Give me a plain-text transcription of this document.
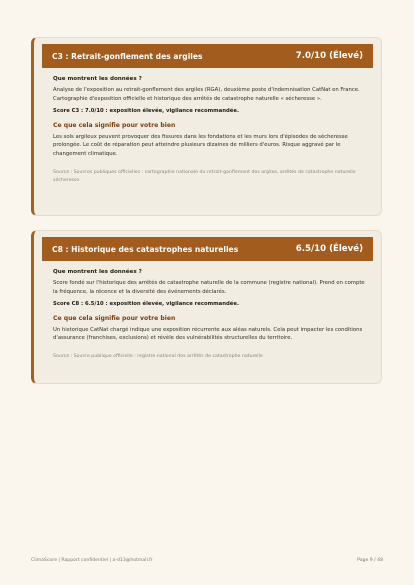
C3 : Retrait-gonflement des argiles	7.0/10 (Élevé)
Que montrent les données ?
Analyse de l'exposition au retrait-gonflement des argiles (RGA), deuxième poste d'indemnisation CatNat en France. Cartographie d'exposition officielle et historique des arrêtés de catastrophe naturelle « sécheresse ».
Score C3 : 7.0/10 : exposition élevée, vigilance recommandée.
Ce que cela signifie pour votre bien
Les sols argileux peuvent provoquer des fissures dans les fondations et les murs lors d'épisodes de sécheresse prolongée. Le coût de réparation peut atteindre plusieurs dizaines de milliers d'euros. Risque aggravé par le changement climatique.
Source : Sources publiques officielles : cartographie nationale du retrait-gonflement des argiles, arrêtés de catastrophe naturelle sécheresse
C8 : Historique des catastrophes naturelles	6.5/10 (Élevé)
Que montrent les données ?
Score fondé sur l'historique des arrêtés de catastrophe naturelle de la commune (registre national). Prend en compte la fréquence, la récence et la diversité des événements déclarés.
Score C8 : 6.5/10 : exposition élevée, vigilance recommandée.
Ce que cela signifie pour votre bien
Un historique CatNat chargé indique une exposition récurrente aux aléas naturels. Cela peut impacter les conditions d'assurance (franchises, exclusions) et révèle des vulnérabilités structurelles du territoire.
Source : Source publique officielle : registre national des arrêtés de catastrophe naturelle
ClimaScore | Rapport confidentiel | a-d13@hotmail.fr	Page 9 / 48
